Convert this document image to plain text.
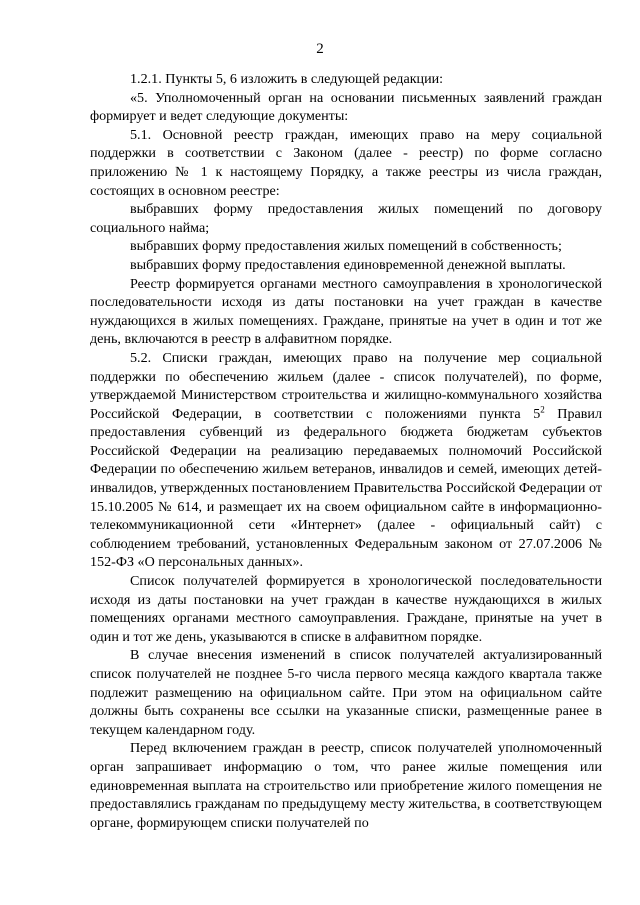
2

1.2.1. Пункты 5, 6 изложить в следующей редакции:

«5. Уполномоченный орган на основании письменных заявлений граждан формирует и ведет следующие документы:

5.1. Основной реестр граждан, имеющих право на меру социальной поддержки в соответствии с Законом (далее - реестр) по форме согласно приложению № 1 к настоящему Порядку, а также реестры из числа граждан, состоящих в основном реестре:

выбравших форму предоставления жилых помещений по договору социального найма;

выбравших форму предоставления жилых помещений в собственность;

выбравших форму предоставления единовременной денежной выплаты.

Реестр формируется органами местного самоуправления в хронологической последовательности исходя из даты постановки на учет граждан в качестве нуждающихся в жилых помещениях. Граждане, принятые на учет в один и тот же день, включаются в реестр в алфавитном порядке.

5.2. Списки граждан, имеющих право на получение мер социальной поддержки по обеспечению жильем (далее - список получателей), по форме, утверждаемой Министерством строительства и жилищно-коммунального хозяйства Российской Федерации, в соответствии с положениями пункта $5^2$ Правил предоставления субвенций из федерального бюджета бюджетам субъектов Российской Федерации на реализацию передаваемых полномочий Российской Федерации по обеспечению жильем ветеранов, инвалидов и семей, имеющих детей-инвалидов, утвержденных постановлением Правительства Российской Федерации от 15.10.2005 № 614, и размещает их на своем официальном сайте в информационно-телекоммуникационной сети «Интернет» (далее - официальный сайт) с соблюдением требований, установленных Федеральным законом от 27.07.2006 № 152-ФЗ «О персональных данных».

Список получателей формируется в хронологической последовательности исходя из даты постановки на учет граждан в качестве нуждающихся в жилых помещениях органами местного самоуправления. Граждане, принятые на учет в один и тот же день, указываются в списке в алфавитном порядке.

В случае внесения изменений в список получателей актуализированный список получателей не позднее 5-го числа первого месяца каждого квартала также подлежит размещению на официальном сайте. При этом на официальном сайте должны быть сохранены все ссылки на указанные списки, размещенные ранее в текущем календарном году.

Перед включением граждан в реестр, список получателей уполномоченный орган запрашивает информацию о том, что ранее жилые помещения или единовременная выплата на строительство или приобретение жилого помещения не предоставлялись гражданам по предыдущему месту жительства, в соответствующем органе, формирующем списки получателей по
